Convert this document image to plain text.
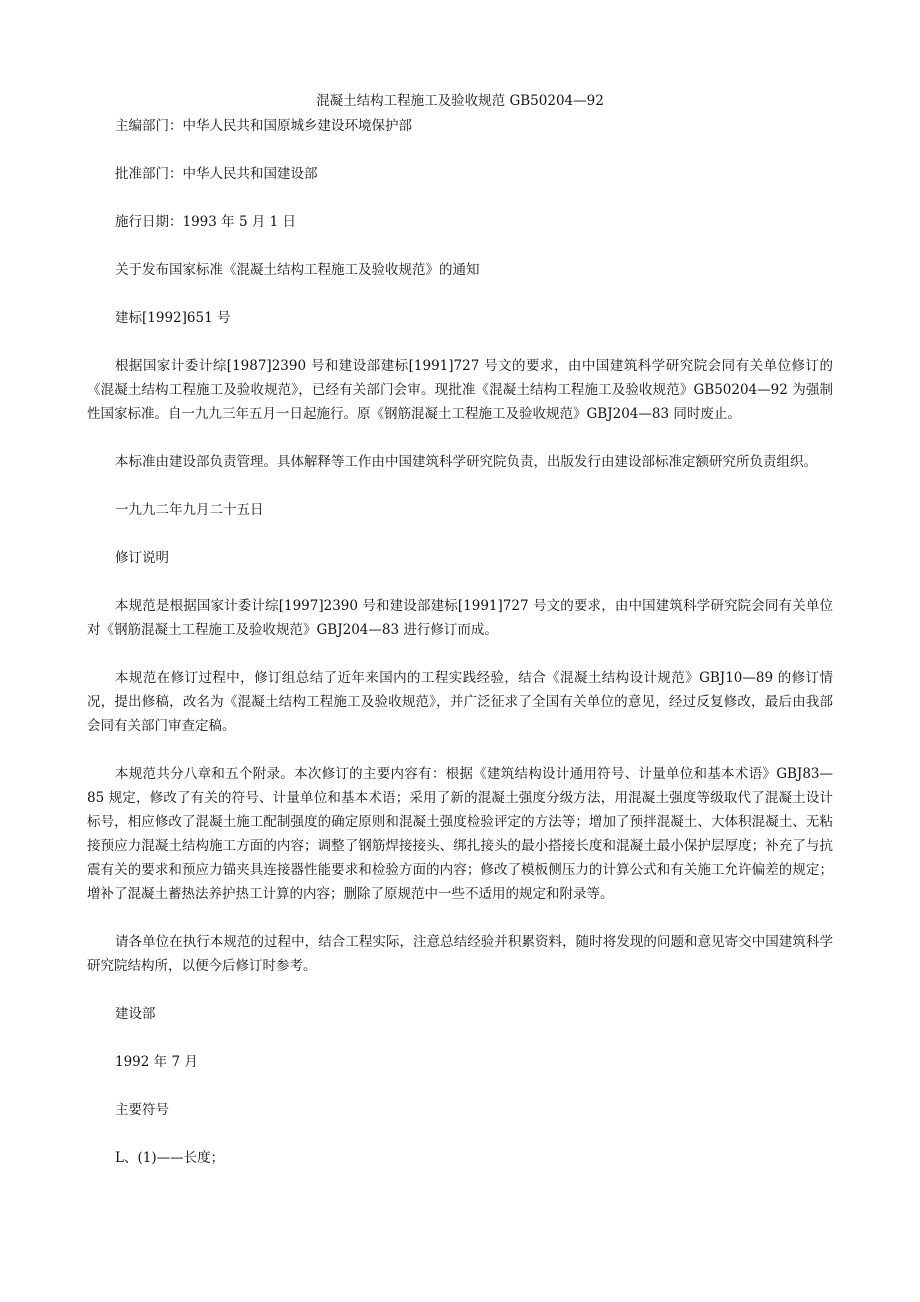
混凝土结构工程施工及验收规范 GB50204—92

主编部门：中华人民共和国原城乡建设环境保护部

批准部门：中华人民共和国建设部

施行日期：1993 年 5 月 1 日

关于发布国家标准《混凝土结构工程施工及验收规范》的通知

建标[1992]651 号

根据国家计委计综[1987]2390 号和建设部建标[1991]727 号文的要求，由中国建筑科学研究院会同有关单位修订的《混凝土结构工程施工及验收规范》，已经有关部门会审。现批准《混凝土结构工程施工及验收规范》GB50204—92 为强制性国家标准。自一九九三年五月一日起施行。原《钢筋混凝土工程施工及验收规范》GBJ204—83 同时废止。

本标准由建设部负责管理。具体解释等工作由中国建筑科学研究院负责，出版发行由建设部标准定额研究所负责组织。

一九九二年九月二十五日

修订说明

本规范是根据国家计委计综[1997]2390 号和建设部建标[1991]727 号文的要求，由中国建筑科学研究院会同有关单位对《钢筋混凝土工程施工及验收规范》GBJ204—83 进行修订而成。

本规范在修订过程中，修订组总结了近年来国内的工程实践经验，结合《混凝土结构设计规范》GBJ10—89 的修订情况，提出修稿，改名为《混凝土结构工程施工及验收规范》，并广泛征求了全国有关单位的意见，经过反复修改，最后由我部会同有关部门审查定稿。

本规范共分八章和五个附录。本次修订的主要内容有：根据《建筑结构设计通用符号、计量单位和基本术语》GBJ83—85 规定，修改了有关的符号、计量单位和基本术语；采用了新的混凝土强度分级方法，用混凝土强度等级取代了混凝土设计标号，相应修改了混凝土施工配制强度的确定原则和混凝土强度检验评定的方法等；增加了预拌混凝土、大体积混凝土、无粘接预应力混凝土结构施工方面的内容；调整了钢筋焊接接头、绑扎接头的最小搭接长度和混凝土最小保护层厚度；补充了与抗震有关的要求和预应力锚夹具连接器性能要求和检验方面的内容；修改了模板侧压力的计算公式和有关施工允许偏差的规定；增补了混凝土蓄热法养护热工计算的内容；删除了原规范中一些不适用的规定和附录等。

请各单位在执行本规范的过程中，结合工程实际，注意总结经验并积累资料，随时将发现的问题和意见寄交中国建筑科学研究院结构所，以便今后修订时参考。

建设部

1992 年 7 月

主要符号

L、(1)——长度；
